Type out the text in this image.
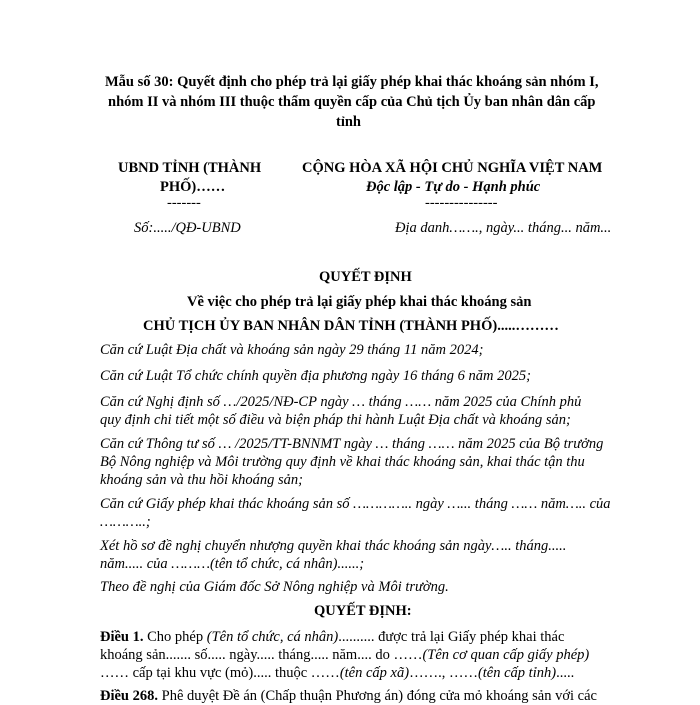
Mẫu số 30: Quyết định cho phép trả lại giấy phép khai thác khoáng sản nhóm I,
nhóm II và nhóm III thuộc thẩm quyền cấp của Chủ tịch Ủy ban nhân dân cấp
tỉnh
UBND TỈNH (THÀNH
PHỐ)……
-------
Số:...../QĐ-UBND
CỘNG HÒA XÃ HỘI CHỦ NGHĨA VIỆT NAM
Độc lập - Tự do - Hạnh phúc
---------------
Địa danh……., ngày... tháng... năm...
QUYẾT ĐỊNH
Về việc cho phép trả lại giấy phép khai thác khoáng sản
CHỦ TỊCH ỦY BAN NHÂN DÂN TỈNH (THÀNH PHỐ).....………
Căn cứ Luật Địa chất và khoáng sản ngày 29 tháng 11 năm 2024;
Căn cứ Luật Tổ chức chính quyền địa phương ngày 16 tháng 6 năm 2025;
Căn cứ Nghị định số …/2025/NĐ-CP ngày … tháng …… năm 2025 của Chính phủ
quy định chi tiết một số điều và biện pháp thi hành Luật Địa chất và khoáng sản;
Căn cứ Thông tư số … /2025/TT-BNNMT ngày … tháng …… năm 2025 của Bộ trưởng
Bộ Nông nghiệp và Môi trường quy định về khai thác khoáng sản, khai thác tận thu
khoáng sản và thu hồi khoáng sản;
Căn cứ Giấy phép khai thác khoáng sản số ………….. ngày …... tháng …… năm….. của
………..;
Xét hồ sơ đề nghị chuyển nhượng quyền khai thác khoáng sản ngày….. tháng.....
năm..... của ………(tên tổ chức, cá nhân)......;
Theo đề nghị của Giám đốc Sở Nông nghiệp và Môi trường.
QUYẾT ĐỊNH:
Điều 1. Cho phép (Tên tổ chức, cá nhân).......... được trả lại Giấy phép khai thác
khoáng sản....... số..... ngày..... tháng..... năm.... do ……(Tên cơ quan cấp giấy phép)
…… cấp tại khu vực (mỏ)..... thuộc ……(tên cấp xã)……., ……(tên cấp tỉnh).....
Điều 268. Phê duyệt Đề án (Chấp thuận Phương án) đóng cửa mỏ khoáng sản với các
